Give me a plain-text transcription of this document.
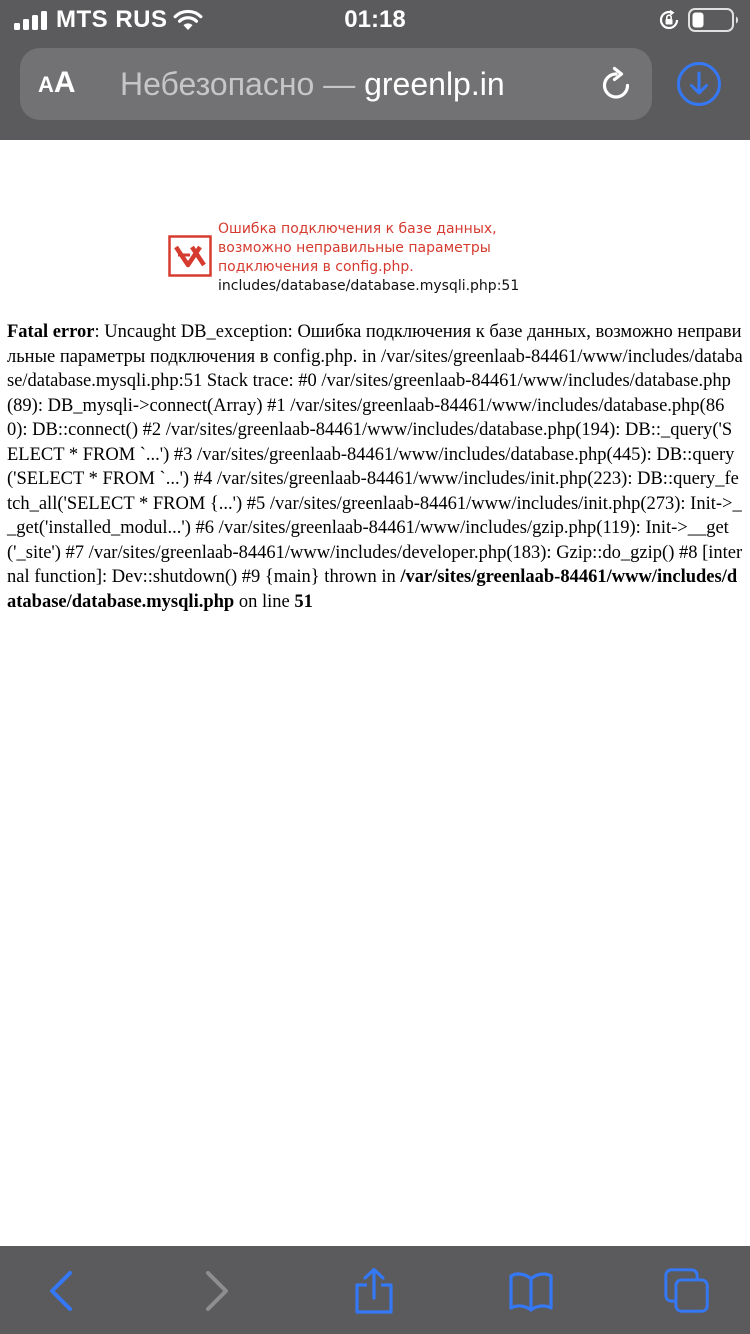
MTS RUS	01:18
AA	Небезопасно — greenlp.in
Ошибка подключения к базе данных,
возможно неправильные параметры
подключения в config.php.
includes/database/database.mysqli.php:51
Fatal error: Uncaught DB_exception: Ошибка подключения к базе данных, возможно неправильные параметры подключения в config.php. in /var/sites/greenlaab-84461/www/includes/database/database.mysqli.php:51 Stack trace: #0 /var/sites/greenlaab-84461/www/includes/database.php(89): DB_mysqli->connect(Array) #1 /var/sites/greenlaab-84461/www/includes/database.php(860): DB::connect() #2 /var/sites/greenlaab-84461/www/includes/database.php(194): DB::_query('SELECT * FROM `...') #3 /var/sites/greenlaab-84461/www/includes/database.php(445): DB::query('SELECT * FROM `...') #4 /var/sites/greenlaab-84461/www/includes/init.php(223): DB::query_fetch_all('SELECT * FROM {...') #5 /var/sites/greenlaab-84461/www/includes/init.php(273): Init->__get('installed_modul...') #6 /var/sites/greenlaab-84461/www/includes/gzip.php(119): Init->__get('_site') #7 /var/sites/greenlaab-84461/www/includes/developer.php(183): Gzip::do_gzip() #8 [internal function]: Dev::shutdown() #9 {main} thrown in /var/sites/greenlaab-84461/www/includes/database/database.mysqli.php on line 51
